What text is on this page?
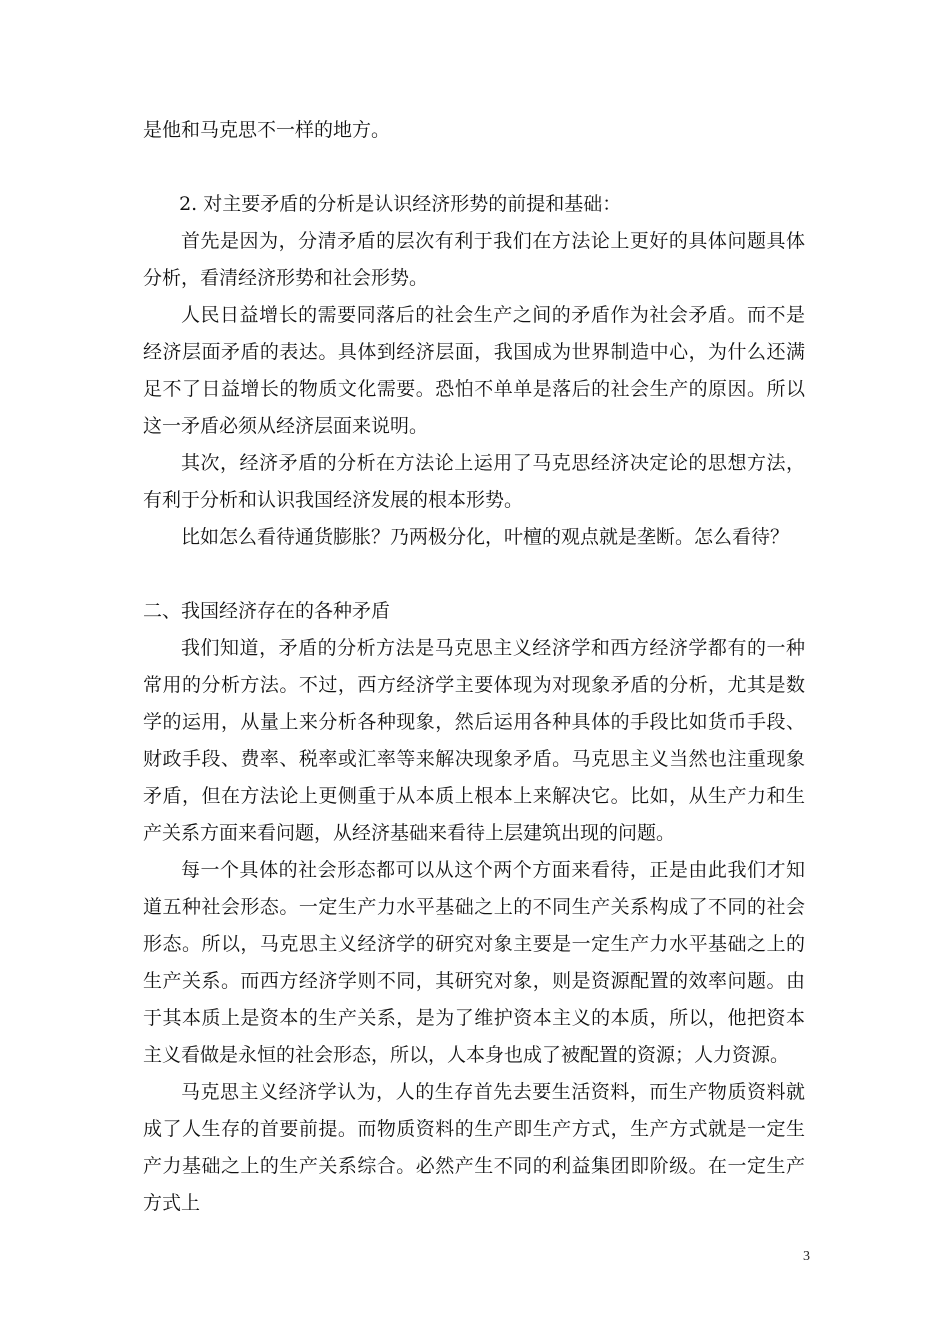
是他和马克思不一样的地方。

2. 对主要矛盾的分析是认识经济形势的前提和基础：

首先是因为，分清矛盾的层次有利于我们在方法论上更好的具体问题具体分析，看清经济形势和社会形势。

人民日益增长的需要同落后的社会生产之间的矛盾作为社会矛盾。而不是经济层面矛盾的表达。具体到经济层面，我国成为世界制造中心，为什么还满足不了日益增长的物质文化需要。恐怕不单单是落后的社会生产的原因。所以这一矛盾必须从经济层面来说明。

其次，经济矛盾的分析在方法论上运用了马克思经济决定论的思想方法，有利于分析和认识我国经济发展的根本形势。

比如怎么看待通货膨胀？乃两极分化，叶檀的观点就是垄断。怎么看待？

二、我国经济存在的各种矛盾

我们知道，矛盾的分析方法是马克思主义经济学和西方经济学都有的一种常用的分析方法。不过，西方经济学主要体现为对现象矛盾的分析，尤其是数学的运用，从量上来分析各种现象，然后运用各种具体的手段比如货币手段、财政手段、费率、税率或汇率等来解决现象矛盾。马克思主义当然也注重现象矛盾，但在方法论上更侧重于从本质上根本上来解决它。比如，从生产力和生产关系方面来看问题，从经济基础来看待上层建筑出现的问题。

每一个具体的社会形态都可以从这个两个方面来看待，正是由此我们才知道五种社会形态。一定生产力水平基础之上的不同生产关系构成了不同的社会形态。所以，马克思主义经济学的研究对象主要是一定生产力水平基础之上的生产关系。而西方经济学则不同，其研究对象，则是资源配置的效率问题。由于其本质上是资本的生产关系，是为了维护资本主义的本质，所以，他把资本主义看做是永恒的社会形态，所以，人本身也成了被配置的资源；人力资源。

马克思主义经济学认为，人的生存首先去要生活资料，而生产物质资料就成了人生存的首要前提。而物质资料的生产即生产方式，生产方式就是一定生产力基础之上的生产关系综合。必然产生不同的利益集团即阶级。在一定生产方式上

3
